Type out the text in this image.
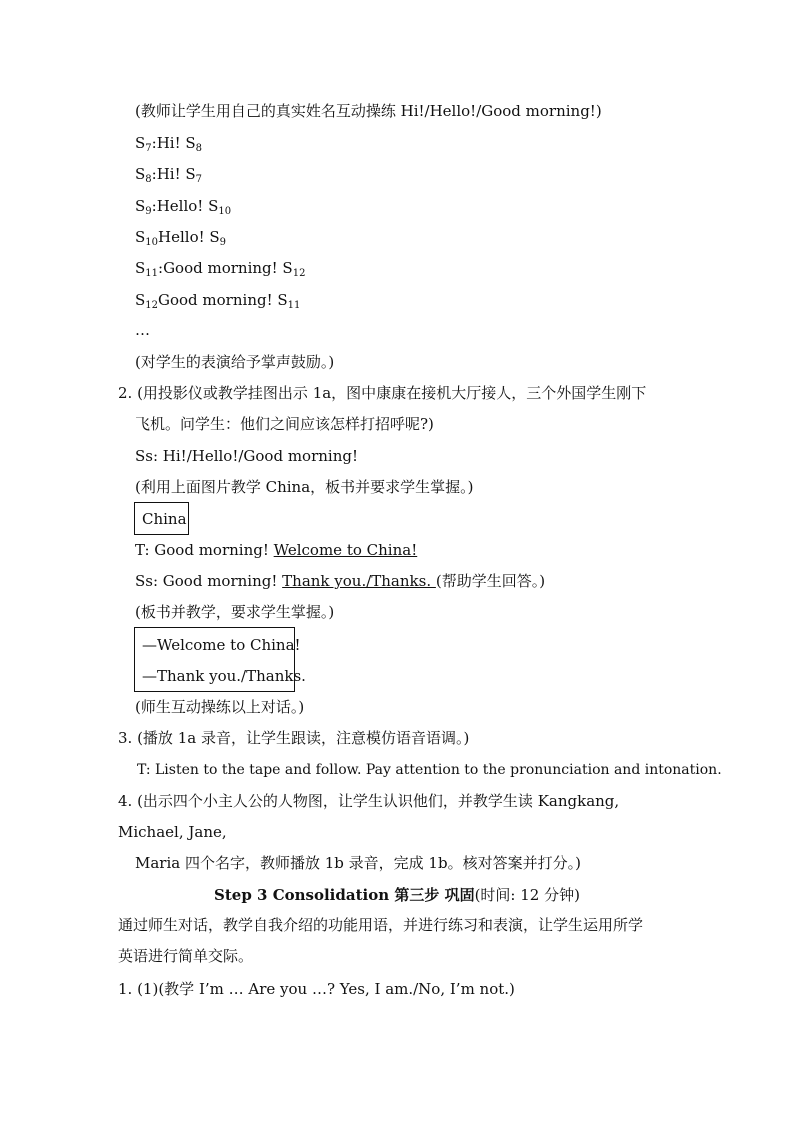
(教师让学生用自己的真实姓名互动操练 Hi!/Hello!/Good morning!)
$S_7:Hi$! $S_8$
$S_8:Hi$! $S_7$
$S_9:Hello$! $S_{10}$
$S_{10}Hello$! $S_9$
$S_{11}:Good$ morning! $S_{12}$
$S_{12}Good$ morning! $S_{11}$
…
(对学生的表演给予掌声鼓励。)
2. (用投影仪或教学挂图出示 1a，图中康康在接机大厅接人，三个外国学生刚下
飞机。问学生：他们之间应该怎样打招呼呢?)
Ss: Hi!/Hello!/Good morning!
(利用上面图片教学 China，板书并要求学生掌握。)
China
T: Good morning! Welcome to China!
Ss: Good morning! Thank you./Thanks. (帮助学生回答。)
(板书并教学，要求学生掌握。)
—Welcome to China!
—Thank you./Thanks.
(师生互动操练以上对话。)
3. (播放 1a 录音，让学生跟读，注意模仿语音语调。)
T: Listen to the tape and follow. Pay attention to the pronunciation and intonation.
4. (出示四个小主人公的人物图，让学生认识他们，并教学生读 Kangkang,
Michael, Jane,
Maria 四个名字，教师播放 1b 录音，完成 1b。核对答案并打分。)
Step 3 Consolidation 第三步 巩固(时间: 12 分钟)
通过师生对话，教学自我介绍的功能用语，并进行练习和表演，让学生运用所学
英语进行简单交际。
1. (1)(教学 I’m … Are you …? Yes, I am./No, I’m not.)
